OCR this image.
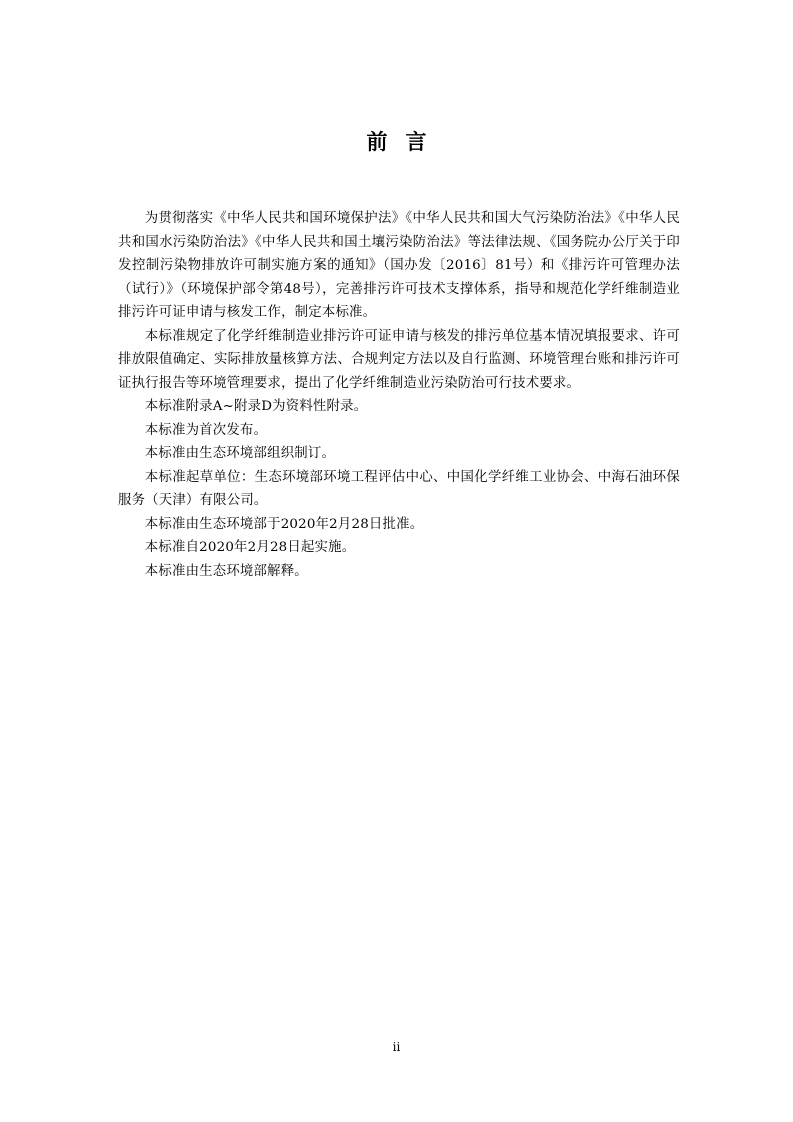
前言

为贯彻落实《中华人民共和国环境保护法》《中华人民共和国大气污染防治法》《中华人民共和国水污染防治法》《中华人民共和国土壤污染防治法》等法律法规、《国务院办公厅关于印发控制污染物排放许可制实施方案的通知》（国办发〔2016〕81号）和《排污许可管理办法（试行）》（环境保护部令第48号），完善排污许可技术支撑体系，指导和规范化学纤维制造业排污许可证申请与核发工作，制定本标准。

本标准规定了化学纤维制造业排污许可证申请与核发的排污单位基本情况填报要求、许可排放限值确定、实际排放量核算方法、合规判定方法以及自行监测、环境管理台账和排污许可证执行报告等环境管理要求，提出了化学纤维制造业污染防治可行技术要求。

本标准附录A~附录D为资料性附录。

本标准为首次发布。

本标准由生态环境部组织制订。

本标准起草单位：生态环境部环境工程评估中心、中国化学纤维工业协会、中海石油环保服务（天津）有限公司。

本标准由生态环境部于2020年2月28日批准。

本标准自2020年2月28日起实施。

本标准由生态环境部解释。

ii
